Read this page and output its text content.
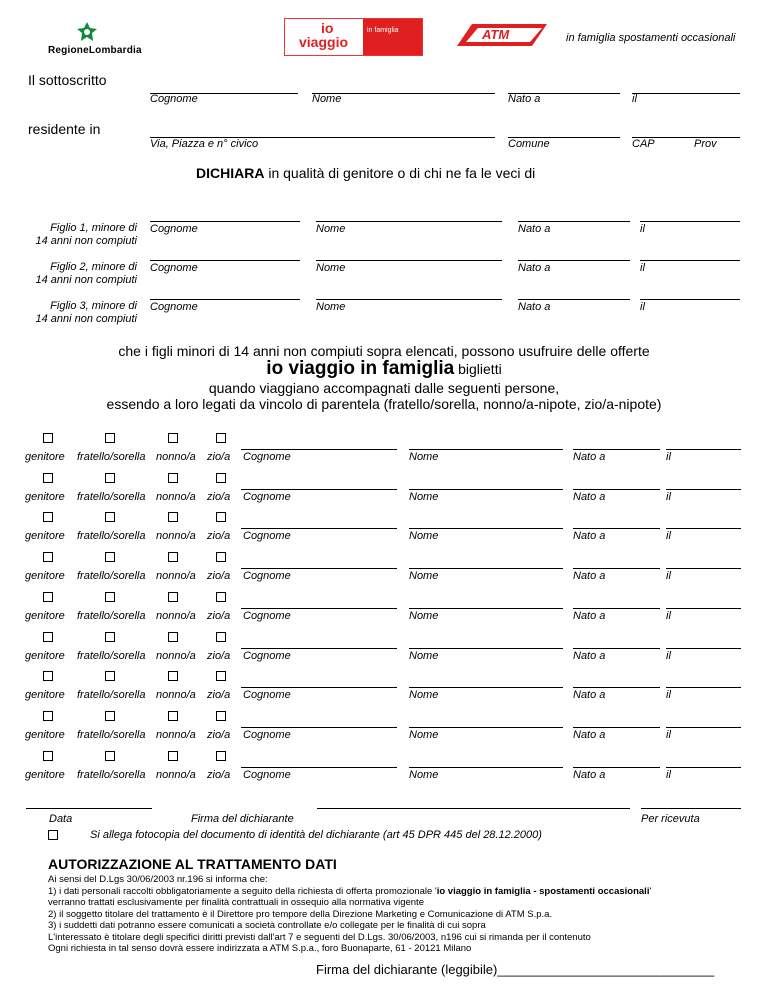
RegioneLombardia
io
viaggio
in famiglia	ATM	in famiglia spostamenti occasionali
Il sottoscritto
Cognome	Nome	Nato a	il
residente in
Via, Piazza e n° civico	Comune	CAP	Prov
DICHIARA in qualità di genitore o di chi ne fa le veci di
Figlio 1, minore di
14 anni non compiuti
Cognome	Nome	Nato a	il
Figlio 2, minore di
14 anni non compiuti
Cognome	Nome	Nato a	il
Figlio 3, minore di
14 anni non compiuti
Cognome	Nome	Nato a	il
che i figli minori di 14 anni non compiuti sopra elencati, possono usufruire delle offerte
io viaggio in famiglia biglietti
quando viaggiano accompagnati dalle seguenti persone,
essendo a loro legati da vincolo di parentela (fratello/sorella, nonno/a-nipote, zio/a-nipote)
genitore fratello/sorella nonno/a zio/a Cognome	Nome	Nato a	il
genitore fratello/sorella nonno/a zio/a Cognome	Nome	Nato a	il
genitore fratello/sorella nonno/a zio/a Cognome	Nome	Nato a	il
genitore fratello/sorella nonno/a zio/a Cognome	Nome	Nato a	il
genitore fratello/sorella nonno/a zio/a Cognome	Nome	Nato a	il
genitore fratello/sorella nonno/a zio/a Cognome	Nome	Nato a	il
genitore fratello/sorella nonno/a zio/a Cognome	Nome	Nato a	il
genitore fratello/sorella nonno/a zio/a Cognome	Nome	Nato a	il
genitore fratello/sorella nonno/a zio/a Cognome	Nome	Nato a	il
Data	Firma del dichiarante	Per ricevuta
Si allega fotocopia del documento di identità del dichiarante (art 45 DPR 445 del 28.12.2000)
AUTORIZZAZIONE AL TRATTAMENTO DATI
Ai sensi del D.Lgs 30/06/2003 nr.196 si informa che:
1) i dati personali raccolti obbligatoriamente a seguito della richiesta di offerta promozionale 'io viaggio in famiglia - spostamenti occasionali'
verranno trattati esclusivamente per finalità contrattuali in ossequio alla normativa vigente
2) il soggetto titolare del trattamento è il Direttore pro tempore della Direzione Marketing e Comunicazione di ATM S.p.a.
3) i suddetti dati potranno essere comunicati a società controllate e/o collegate per le finalità di cui sopra
L'interessato è titolare degli specifici diritti previsti dall'art 7 e seguenti del D.Lgs. 30/06/2003, n196 cui si rimanda per il contenuto
Ogni richiesta in tal senso dovrà essere indirizzata a ATM S.p.a., foro Buonaparte, 61 - 20121 Milano
Firma del dichiarante (leggibile)______________________________
